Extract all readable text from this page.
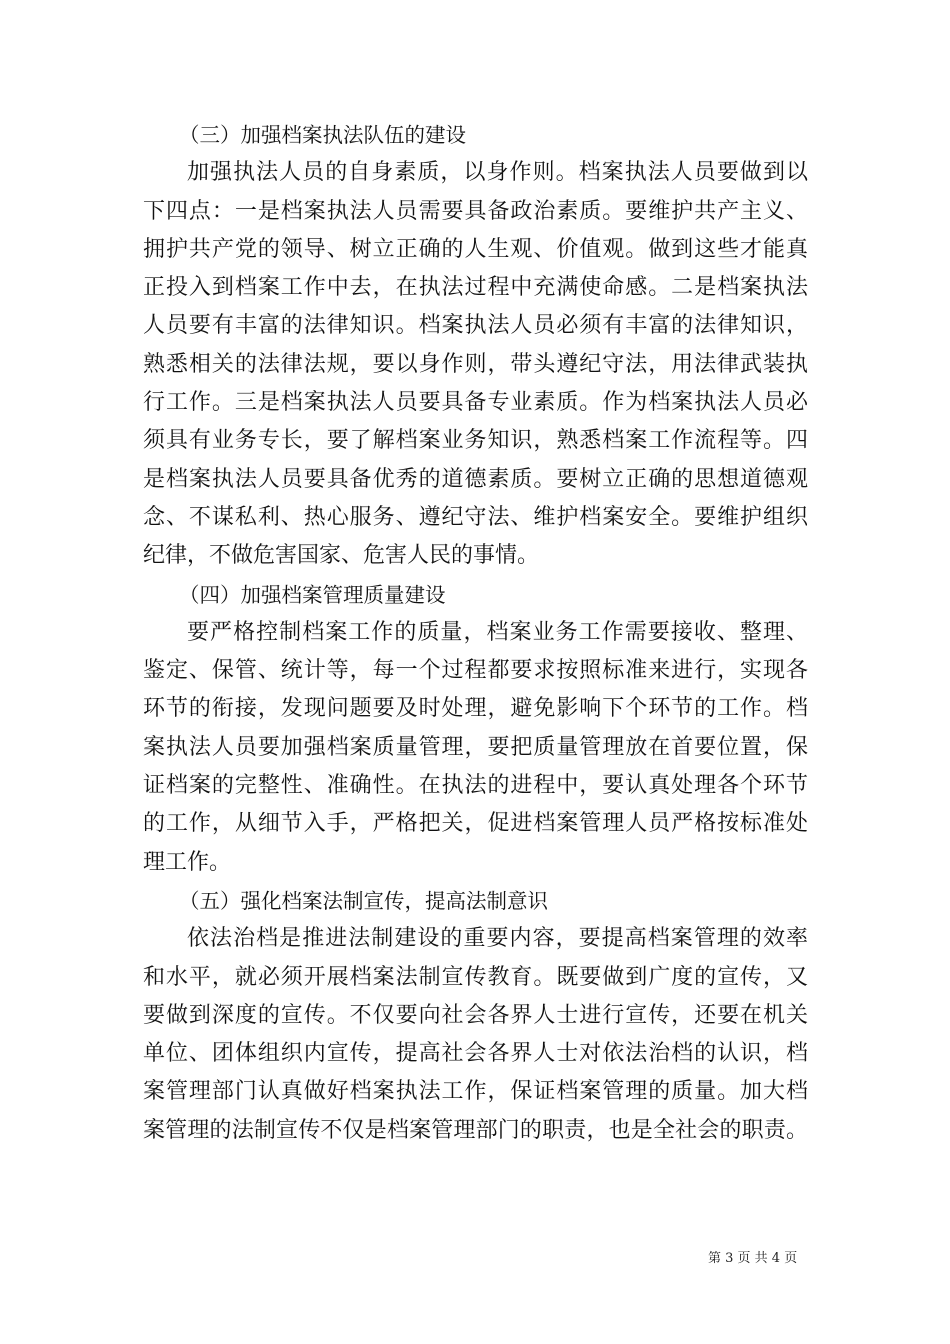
（三）加强档案执法队伍的建设
加强执法人员的自身素质，以身作则。档案执法人员要做到以
下四点：一是档案执法人员需要具备政治素质。要维护共产主义、
拥护共产党的领导、树立正确的人生观、价值观。做到这些才能真
正投入到档案工作中去，在执法过程中充满使命感。二是档案执法
人员要有丰富的法律知识。档案执法人员必须有丰富的法律知识，
熟悉相关的法律法规，要以身作则，带头遵纪守法，用法律武装执
行工作。三是档案执法人员要具备专业素质。作为档案执法人员必
须具有业务专长，要了解档案业务知识，熟悉档案工作流程等。四
是档案执法人员要具备优秀的道德素质。要树立正确的思想道德观
念、不谋私利、热心服务、遵纪守法、维护档案安全。要维护组织
纪律，不做危害国家、危害人民的事情。
（四）加强档案管理质量建设
要严格控制档案工作的质量，档案业务工作需要接收、整理、
鉴定、保管、统计等，每一个过程都要求按照标准来进行，实现各
环节的衔接，发现问题要及时处理，避免影响下个环节的工作。档
案执法人员要加强档案质量管理，要把质量管理放在首要位置，保
证档案的完整性、准确性。在执法的进程中，要认真处理各个环节
的工作，从细节入手，严格把关，促进档案管理人员严格按标准处
理工作。
（五）强化档案法制宣传，提高法制意识
依法治档是推进法制建设的重要内容，要提高档案管理的效率
和水平，就必须开展档案法制宣传教育。既要做到广度的宣传，又
要做到深度的宣传。不仅要向社会各界人士进行宣传，还要在机关
单位、团体组织内宣传，提高社会各界人士对依法治档的认识，档
案管理部门认真做好档案执法工作，保证档案管理的质量。加大档
案管理的法制宣传不仅是档案管理部门的职责，也是全社会的职责。
第 3 页 共 4 页
